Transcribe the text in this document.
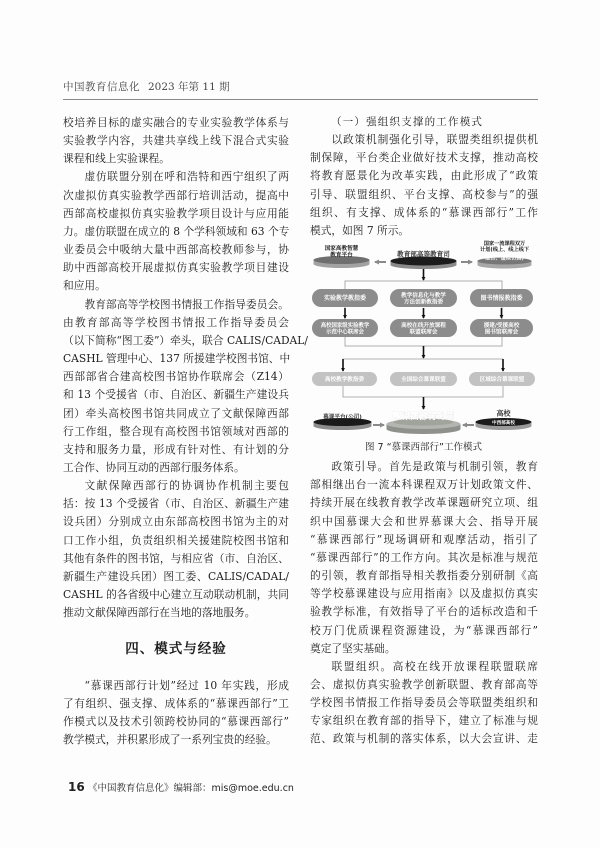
中国教育信息化 2023 年第 11 期
校培养目标的虚实融合的专业实验教学体系与
实验教学内容，共建共享线上线下混合式实验
课程和线上实验课程。
虚仿联盟分别在呼和浩特和西宁组织了两
次虚拟仿真实验教学西部行培训活动，提高中
西部高校虚拟仿真实验教学项目设计与应用能
力。虚仿联盟在成立的 8 个学科领域和 63 个专
业委员会中吸纳大量中西部高校教师参与，协
助中西部高校开展虚拟仿真实验教学项目建设
和应用。
教育部高等学校图书情报工作指导委员会。
由教育部高等学校图书情报工作指导委员会
（以下简称“图工委”）牵头，联合 CALIS/CADAL/
CASHL 管理中心、137 所援建学校图书馆、中
西部部省合建高校图书馆协作联席会（Z14）
和 13 个受援省（市、自治区、新疆生产建设兵
团）牵头高校图书馆共同成立了文献保障西部
行工作组，整合现有高校图书馆领域对西部的
支持和服务力量，形成有针对性、有计划的分
工合作、协同互动的西部行服务体系。
文献保障西部行的协调协作机制主要包
括：按 13 个受援省（市、自治区、新疆生产建
设兵团）分别成立由东部高校图书馆为主的对
口工作小组，负责组织相关援建院校图书馆和
其他有条件的图书馆，与相应省（市、自治区、
新疆生产建设兵团）图工委、CALIS/CADAL/
CASHL 的各省级中心建立互动联动机制，共同
推动文献保障西部行在当地的落地服务。
四、模式与经验
“慕课西部行计划”经过 10 年实践，形成
了有组织、强支撑、成体系的“慕课西部行”工
作模式以及技术引领跨校协同的“慕课西部行”
教学模式，并积累形成了一系列宝贵的经验。
（一）强组织支撑的工作模式
以政策机制强化引导，联盟类组织提供机
制保障，平台类企业做好技术支撑，推动高校
将教育愿景化为改革实践，由此形成了“政策
引导、联盟组织、平台支撑、高校参与”的强
组织、有支撑、成体系的“慕课西部行”工作
模式，如图 7 所示。
国家高教智慧
教育平台	教育部高等教育司
国家一流课程双万
计划(线上、线上线下
混合、虚拟仿真)
实验教学教指委	教学信息化与教学
方法创新教指委
图书情报教指委
高校国家级实验教学
示范中心联席会
高校在线开放课程
联盟联席会
援建/受援高校
图书馆联席会
高校教学教指委	全国综合慕课联盟	区域综合慕课联盟
慕课平台(公司)	慕课西部行计划	高校
中西部高校
图 7 “慕课西部行”工作模式
政策引导。首先是政策与机制引领，教育
部相继出台一流本科课程双万计划政策文件、
持续开展在线教育教学改革课题研究立项、组
织中国慕课大会和世界慕课大会、指导开展
“慕课西部行”现场调研和观摩活动，指引了
“慕课西部行”的工作方向。其次是标准与规范
的引领，教育部指导相关教指委分别研制《高
等学校慕课建设与应用指南》以及虚拟仿真实
验教学标准，有效指导了平台的适标改造和千
校万门优质课程资源建设，为“慕课西部行”
奠定了坚实基础。
联盟组织。高校在线开放课程联盟联席
会、虚拟仿真实验教学创新联盟、教育部高等
学校图书情报工作指导委员会等联盟类组织和
专家组织在教育部的指导下，建立了标准与规
范、政策与机制的落实体系，以大会宣讲、走
16 《中国教育信息化》编辑部：mis@moe.edu.cn
